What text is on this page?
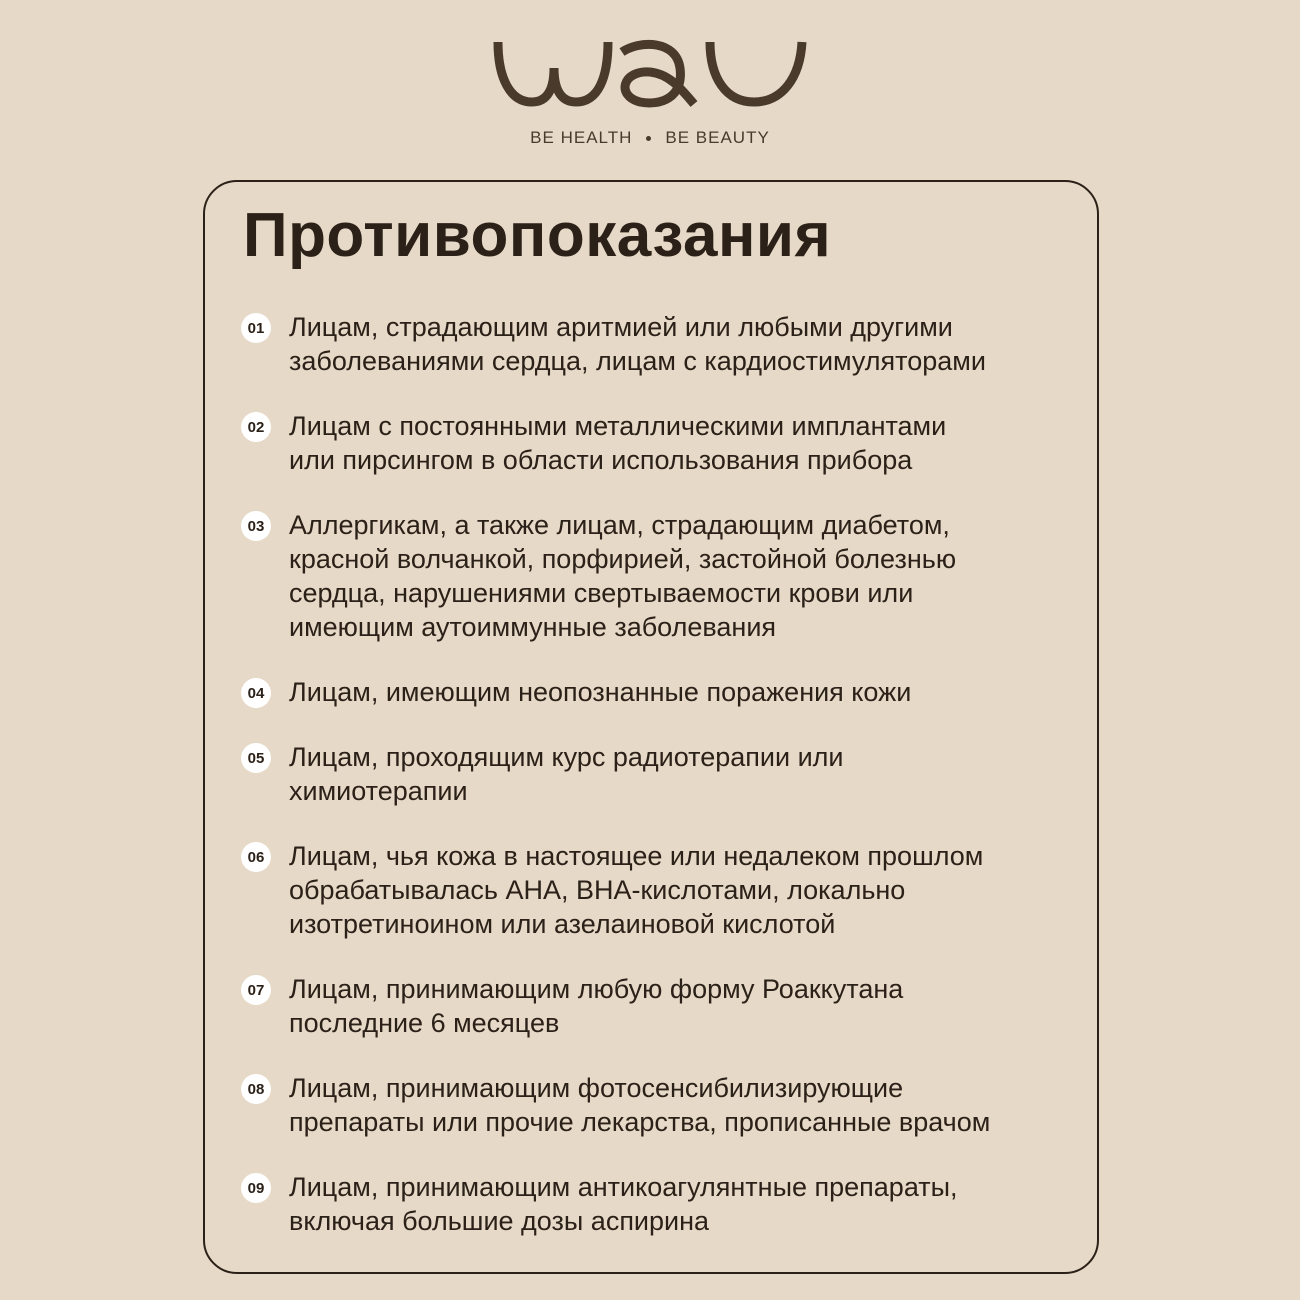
BE HEALTH BE BEAUTY
Противопоказания
01 Лицам, страдающим аритмией или любыми другими
заболеваниями сердца, лицам с кардиостимуляторами
02 Лицам с постоянными металлическими имплантами
или пирсингом в области использования прибора
03 Аллергикам, а также лицам, страдающим диабетом,
красной волчанкой, порфирией, застойной болезнью
сердца, нарушениями свертываемости крови или
имеющим аутоиммунные заболевания
04 Лицам, имеющим неопознанные поражения кожи
05 Лицам, проходящим курс радиотерапии или
химиотерапии
06 Лицам, чья кожа в настоящее или недалеком прошлом
обрабатывалась AHA, BHA-кислотами, локально
изотретиноином или азелаиновой кислотой
07 Лицам, принимающим любую форму Роаккутана
последние 6 месяцев
08 Лицам, принимающим фотосенсибилизирующие
препараты или прочие лекарства, прописанные врачом
09 Лицам, принимающим антикоагулянтные препараты,
включая большие дозы аспирина
